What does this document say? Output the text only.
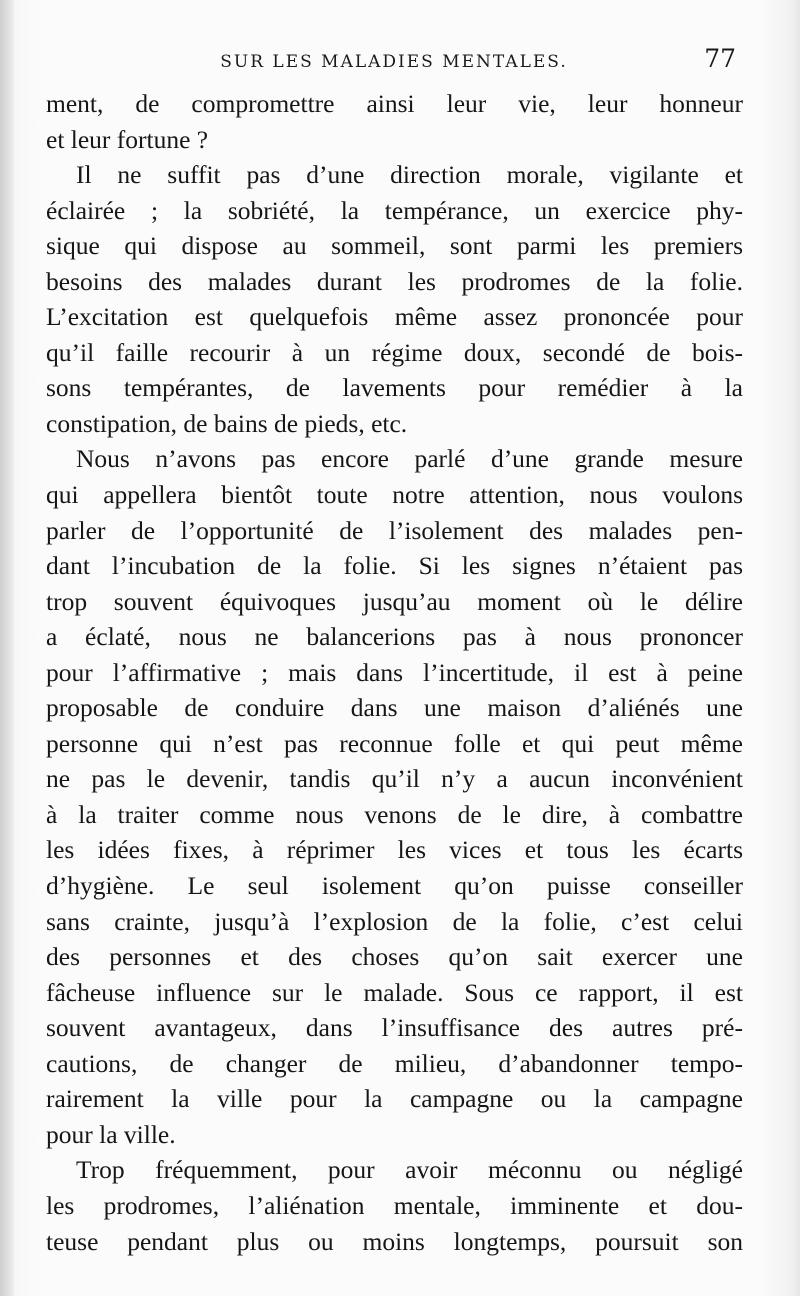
SUR LES MALADIES MENTALES.	77
ment, de compromettre ainsi leur vie, leur honneur
et leur fortune ?
Il ne suffit pas d’une direction morale, vigilante et
éclairée ; la sobriété, la tempérance, un exercice phy-
sique qui dispose au sommeil, sont parmi les premiers
besoins des malades durant les prodromes de la folie.
L’excitation est quelquefois même assez prononcée pour
qu’il faille recourir à un régime doux, secondé de bois-
sons tempérantes, de lavements pour remédier à la
constipation, de bains de pieds, etc.
Nous n’avons pas encore parlé d’une grande mesure
qui appellera bientôt toute notre attention, nous voulons
parler de l’opportunité de l’isolement des malades pen-
dant l’incubation de la folie. Si les signes n’étaient pas
trop souvent équivoques jusqu’au moment où le délire
a éclaté, nous ne balancerions pas à nous prononcer
pour l’affirmative ; mais dans l’incertitude, il est à peine
proposable de conduire dans une maison d’aliénés une
personne qui n’est pas reconnue folle et qui peut même
ne pas le devenir, tandis qu’il n’y a aucun inconvénient
à la traiter comme nous venons de le dire, à combattre
les idées fixes, à réprimer les vices et tous les écarts
d’hygiène. Le seul isolement qu’on puisse conseiller
sans crainte, jusqu’à l’explosion de la folie, c’est celui
des personnes et des choses qu’on sait exercer une
fâcheuse influence sur le malade. Sous ce rapport, il est
souvent avantageux, dans l’insuffisance des autres pré-
cautions, de changer de milieu, d’abandonner tempo-
rairement la ville pour la campagne ou la campagne
pour la ville.
Trop fréquemment, pour avoir méconnu ou négligé
les prodromes, l’aliénation mentale, imminente et dou-
teuse pendant plus ou moins longtemps, poursuit son
